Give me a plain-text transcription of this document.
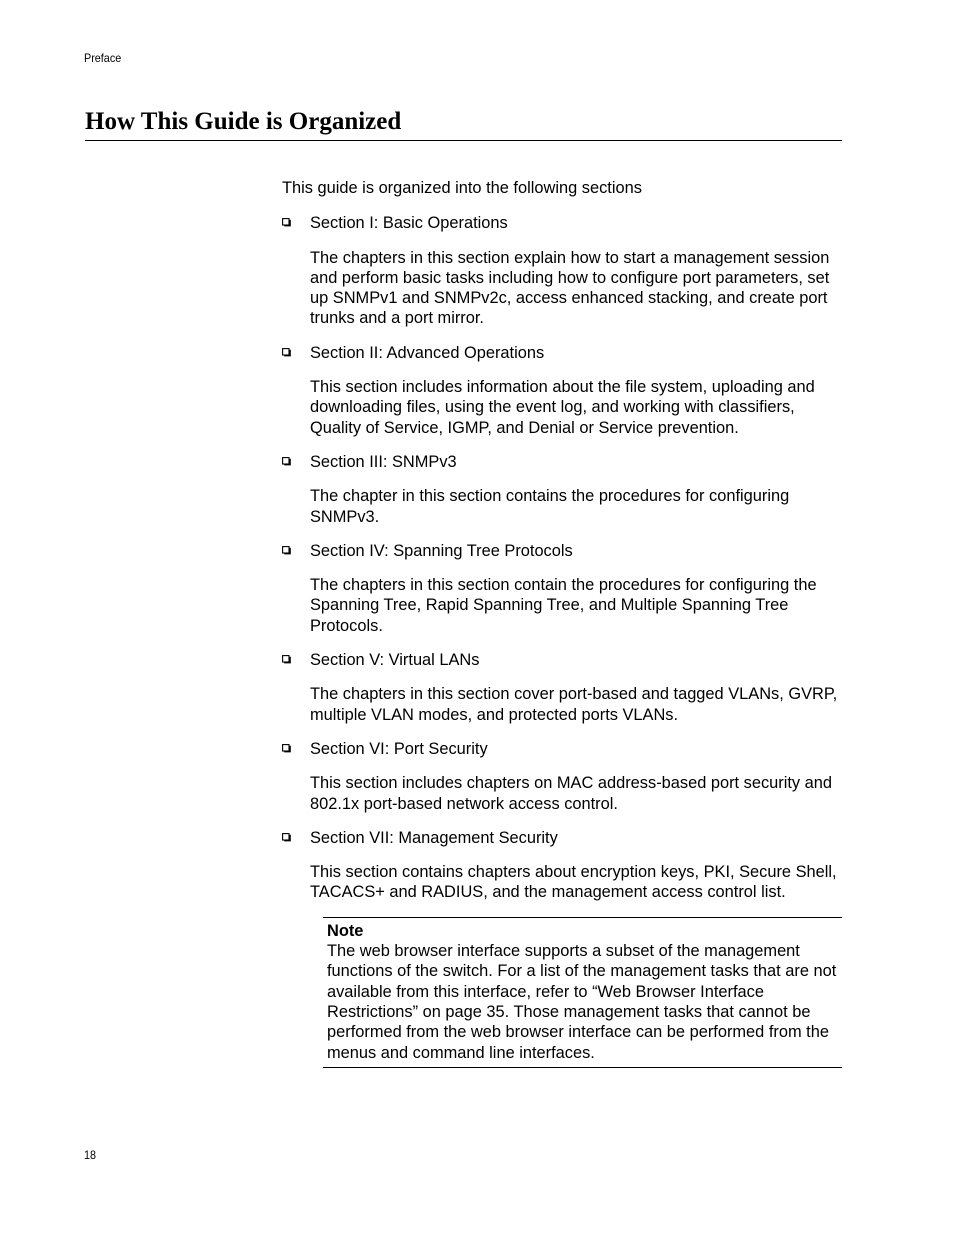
Preface
How This Guide is Organized

This guide is organized into the following sections

Section I: Basic Operations

The chapters in this section explain how to start a management session and perform basic tasks including how to configure port parameters, set up SNMPv1 and SNMPv2c, access enhanced stacking, and create port trunks and a port mirror.

Section II: Advanced Operations

This section includes information about the file system, uploading and downloading files, using the event log, and working with classifiers, Quality of Service, IGMP, and Denial or Service prevention.

Section III: SNMPv3

The chapter in this section contains the procedures for configuring SNMPv3.

Section IV: Spanning Tree Protocols

The chapters in this section contain the procedures for configuring the Spanning Tree, Rapid Spanning Tree, and Multiple Spanning Tree Protocols.

Section V: Virtual LANs

The chapters in this section cover port-based and tagged VLANs, GVRP, multiple VLAN modes, and protected ports VLANs.

Section VI: Port Security

This section includes chapters on MAC address-based port security and 802.1x port-based network access control.

Section VII: Management Security

This section contains chapters about encryption keys, PKI, Secure Shell, TACACS+ and RADIUS, and the management access control list.

Note
The web browser interface supports a subset of the management functions of the switch. For a list of the management tasks that are not available from this interface, refer to “Web Browser Interface Restrictions” on page 35. Those management tasks that cannot be performed from the web browser interface can be performed from the menus and command line interfaces.
18
